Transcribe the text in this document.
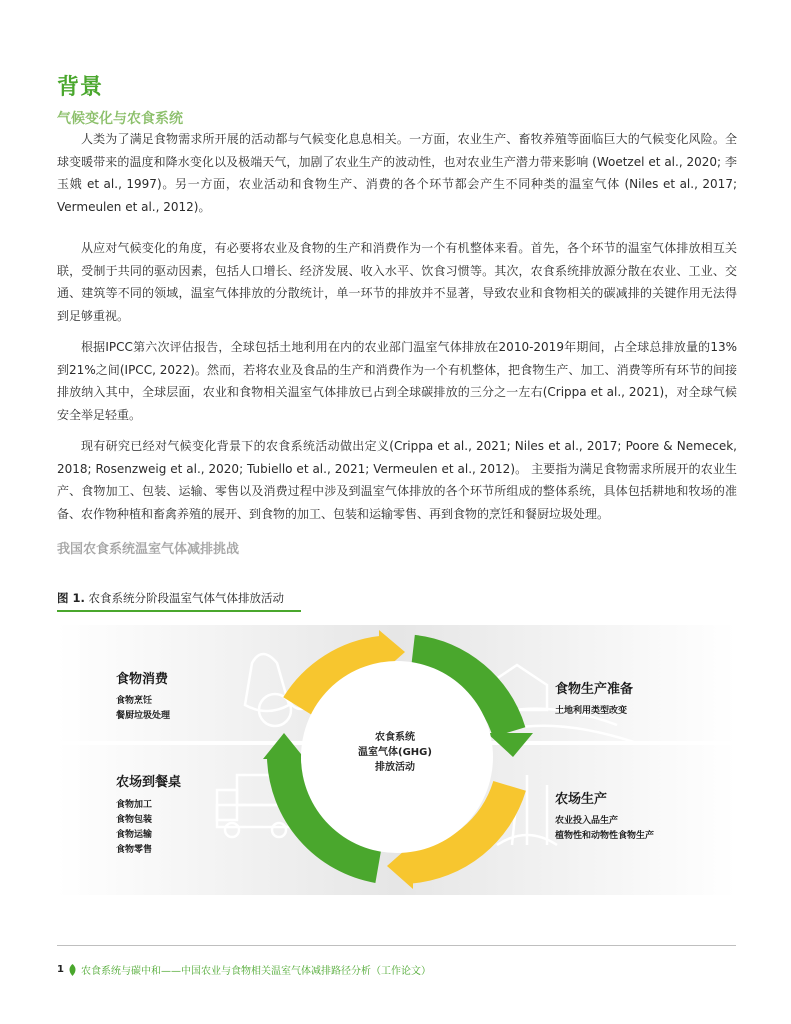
背景
气候变化与农食系统

人类为了满足食物需求所开展的活动都与气候变化息息相关。一方面，农业生产、畜牧养殖等面临巨大的气候变化风险。全球变暖带来的温度和降水变化以及极端天气，加剧了农业生产的波动性，也对农业生产潜力带来影响 (Woetzel et al., 2020; 李玉娥 et al., 1997)。另一方面，农业活动和食物生产、消费的各个环节都会产生不同种类的温室气体 (Niles et al., 2017; Vermeulen et al., 2012)。

从应对气候变化的角度，有必要将农业及食物的生产和消费作为一个有机整体来看。首先，各个环节的温室气体排放相互关联，受制于共同的驱动因素，包括人口增长、经济发展、收入水平、饮食习惯等。其次，农食系统排放源分散在农业、工业、交通、建筑等不同的领域，温室气体排放的分散统计，单一环节的排放并不显著，导致农业和食物相关的碳减排的关键作用无法得到足够重视。

根据IPCC第六次评估报告，全球包括土地利用在内的农业部门温室气体排放在2010-2019年期间，占全球总排放量的13%到21%之间(IPCC, 2022)。然而，若将农业及食品的生产和消费作为一个有机整体，把食物生产、加工、消费等所有环节的间接排放纳入其中，全球层面，农业和食物相关温室气体排放已占到全球碳排放的三分之一左右(Crippa et al., 2021)，对全球气候安全举足轻重。

现有研究已经对气候变化背景下的农食系统活动做出定义(Crippa et al., 2021; Niles et al., 2017; Poore & Nemecek, 2018; Rosenzweig et al., 2020; Tubiello et al., 2021; Vermeulen et al., 2012)。 主要指为满足食物需求所展开的农业生产、食物加工、包装、运输、零售以及消费过程中涉及到温室气体排放的各个环节所组成的整体系统，具体包括耕地和牧场的准备、农作物种植和畜禽养殖的展开、到食物的加工、包装和运输零售、再到食物的烹饪和餐厨垃圾处理。

我国农食系统温室气体减排挑战
图 1. 农食系统分阶段温室气体气体排放活动
农食系统
温室气体(GHG)
排放活动
食物消费
食物烹饪
餐厨垃圾处理
食物生产准备
土地利用类型改变
农场到餐桌
食物加工
食物包装
食物运输
食物零售
农场生产
农业投入品生产
植物性和动物性食物生产
1 农食系统与碳中和——中国农业与食物相关温室气体减排路径分析（工作论文）
